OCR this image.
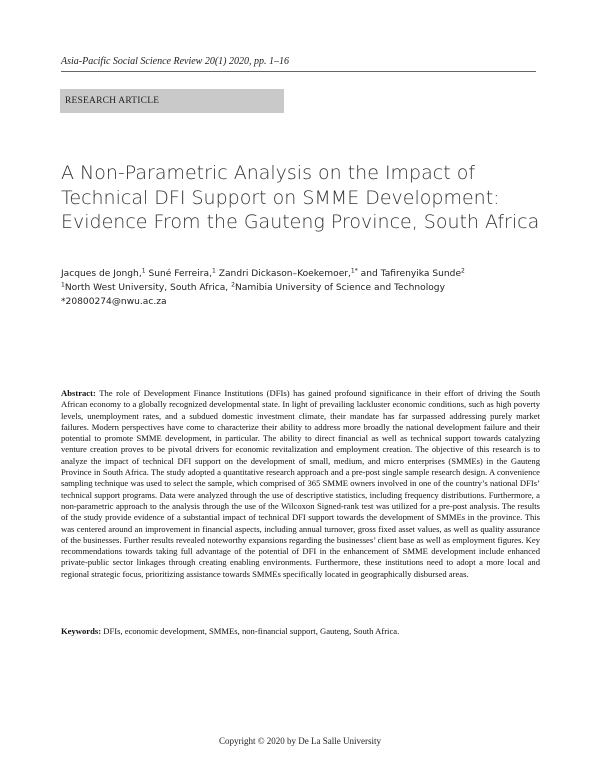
Asia-Pacific Social Science Review 20(1) 2020, pp. 1–16
RESEARCH ARTICLE
A Non-Parametric Analysis on the Impact of
Technical DFI Support on SMME Development:
Evidence From the Gauteng Province, South Africa
Jacques de Jongh,$^1$ Suné Ferreira,$^1$ Zandri Dickason–Koekemoer,$^{1*}$ and Tafirenyika Sunde$^2$
$^1$North West University, South Africa, $^2$Namibia University of Science and Technology
*20800274@nwu.ac.za

Abstract: The role of Development Finance Institutions (DFIs) has gained profound significance in their effort of driving the South African economy to a globally recognized developmental state. In light of prevailing lackluster economic conditions, such as high poverty levels, unemployment rates, and a subdued domestic investment climate, their mandate has far surpassed addressing purely market failures. Modern perspectives have come to characterize their ability to address more broadly the national development failure and their potential to promote SMME development, in particular. The ability to direct financial as well as technical support towards catalyzing venture creation proves to be pivotal drivers for economic revitalization and employment creation. The objective of this research is to analyze the impact of technical DFI support on the development of small, medium, and micro enterprises (SMMEs) in the Gauteng Province in South Africa. The study adopted a quantitative research approach and a pre-post single sample research design. A convenience sampling technique was used to select the sample, which comprised of 365 SMME owners involved in one of the country’s national DFIs’ technical support programs. Data were analyzed through the use of descriptive statistics, including frequency distributions. Furthermore, a non-parametric approach to the analysis through the use of the Wilcoxon Signed-rank test was utilized for a pre-post analysis. The results of the study provide evidence of a substantial impact of technical DFI support towards the development of SMMEs in the province. This was centered around an improvement in financial aspects, including annual turnover, gross fixed asset values, as well as quality assurance of the businesses. Further results revealed noteworthy expansions regarding the businesses’ client base as well as employment figures. Key recommendations towards taking full advantage of the potential of DFI in the enhancement of SMME development include enhanced private-public sector linkages through creating enabling environments. Furthermore, these institutions need to adopt a more local and regional strategic focus, prioritizing assistance towards SMMEs specifically located in geographically disbursed areas.

Keywords: DFIs, economic development, SMMEs, non-financial support, Gauteng, South Africa.

Copyright © 2020 by De La Salle University
